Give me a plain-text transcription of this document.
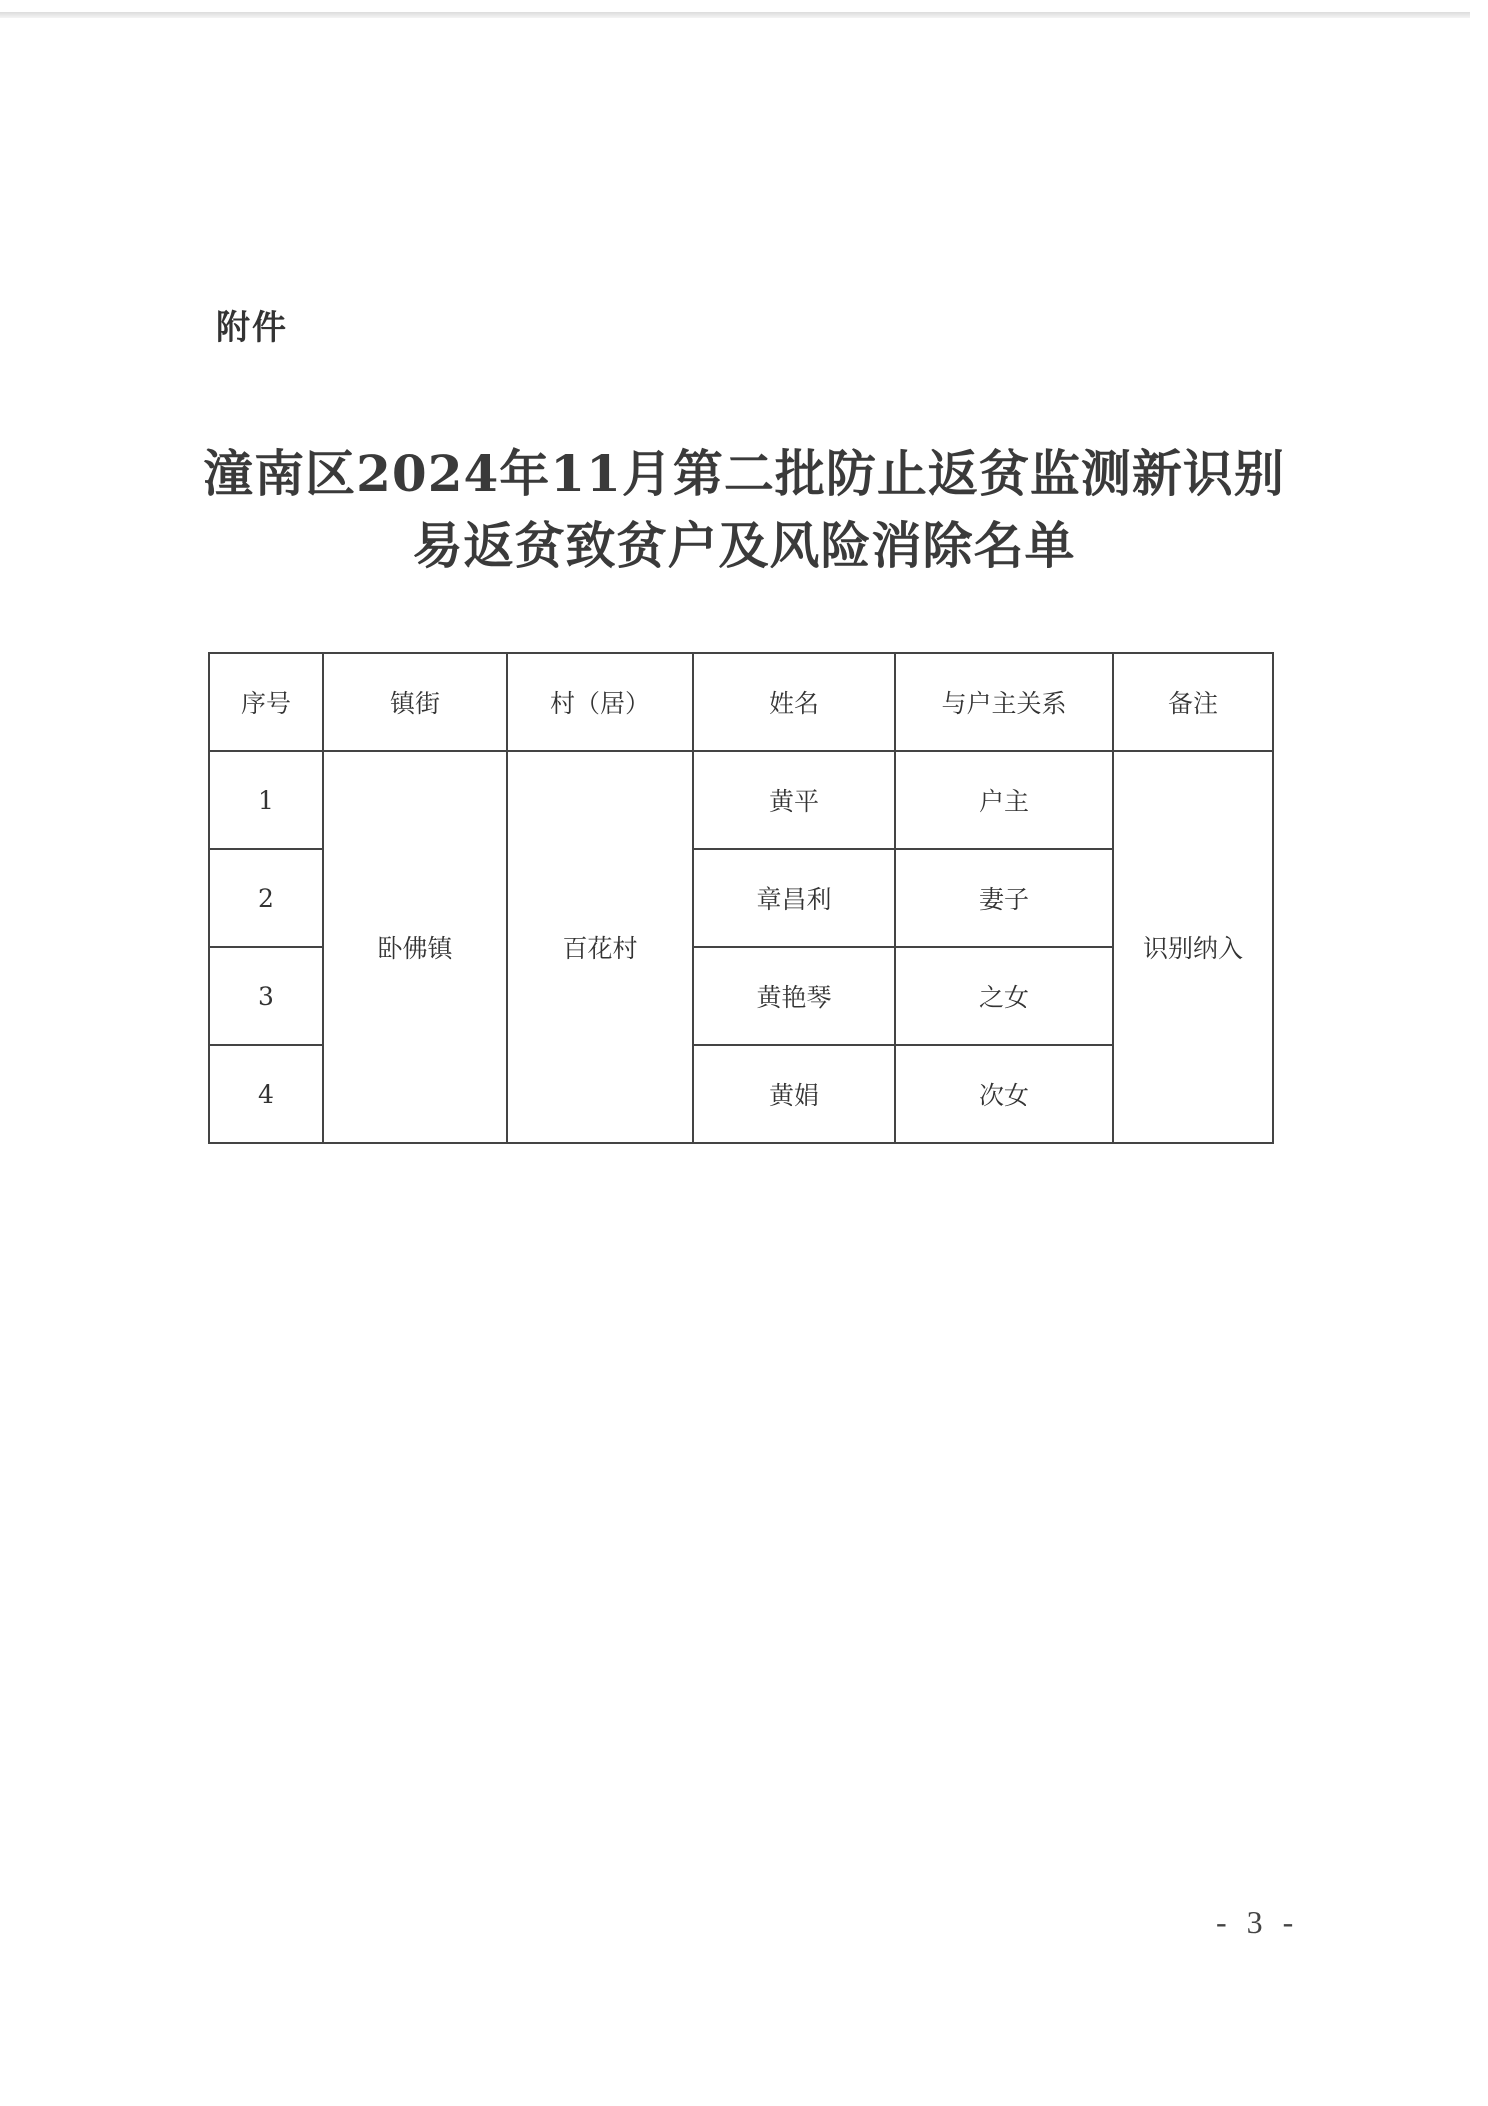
附件
潼南区2024年11月第二批防止返贫监测新识别
易返贫致贫户及风险消除名单
序号	镇街	村（居）	姓名	与户主关系	备注
1	卧佛镇	百花村	黄平	户主	识别纳入
2			章昌利	妻子	
3			黄艳琴	之女	
4			黄娟	次女	
- 3 -
